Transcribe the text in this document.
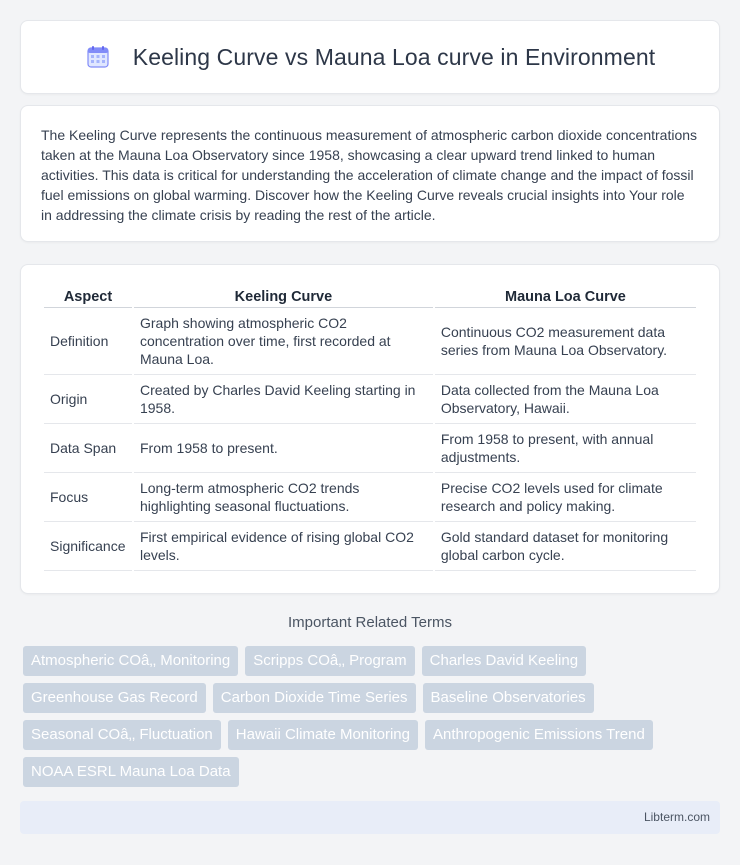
Keeling Curve vs Mauna Loa curve in Environment

The Keeling Curve represents the continuous measurement of atmospheric carbon dioxide concentrations taken at the Mauna Loa Observatory since 1958, showcasing a clear upward trend linked to human activities. This data is critical for understanding the acceleration of climate change and the impact of fossil fuel emissions on global warming. Discover how the Keeling Curve reveals crucial insights into Your role in addressing the climate crisis by reading the rest of the article.

Aspect	Keeling Curve	Mauna Loa Curve
Definition	Graph showing atmospheric CO2 concentration over time, first recorded at Mauna Loa.	Continuous CO2 measurement data series from Mauna Loa Observatory.
Origin	Created by Charles David Keeling starting in 1958.	Data collected from the Mauna Loa Observatory, Hawaii.
Data Span	From 1958 to present.	From 1958 to present, with annual adjustments.
Focus	Long-term atmospheric CO2 trends highlighting seasonal fluctuations.	Precise CO2 levels used for climate research and policy making.
Significance	First empirical evidence of rising global CO2 levels.	Gold standard dataset for monitoring global carbon cycle.
Important Related Terms
Atmospheric COâ‚‚ Monitoring	Scripps COâ‚‚ Program	Charles David Keeling
Greenhouse Gas Record	Carbon Dioxide Time Series	Baseline Observatories
Seasonal COâ‚‚ Fluctuation	Hawaii Climate Monitoring	Anthropogenic Emissions Trend
NOAA ESRL Mauna Loa Data
Libterm.com
